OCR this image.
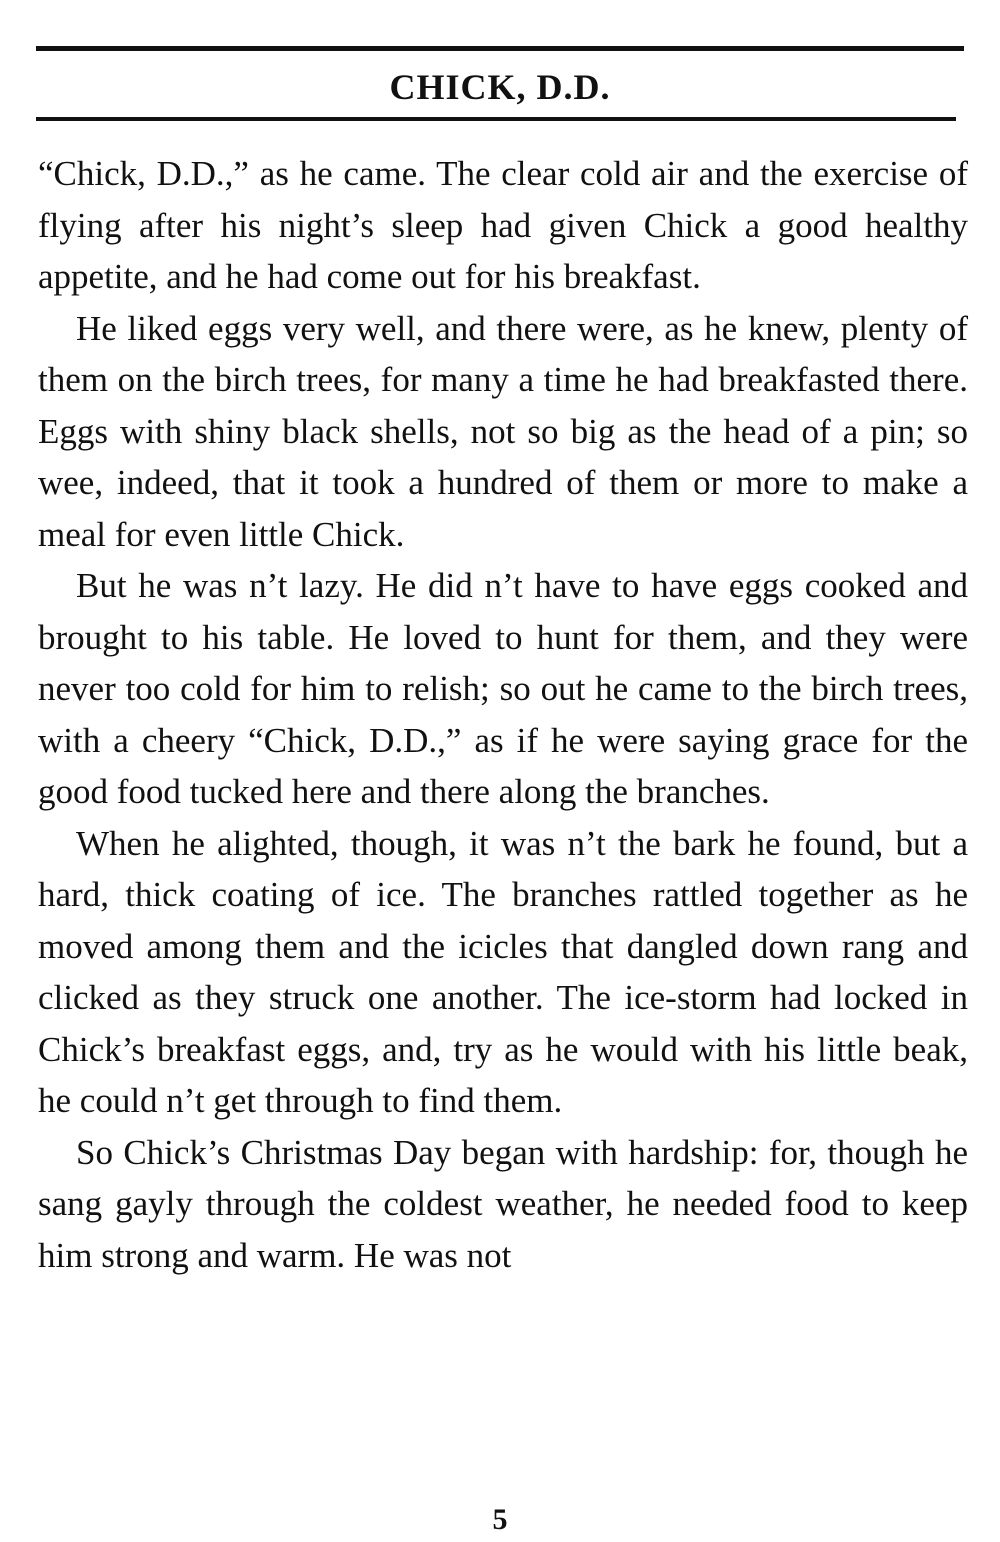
CHICK, D.D.

“Chick, D.D.,” as he came. The clear cold air and the exercise of flying after his night’s sleep had given Chick a good healthy appetite, and he had come out for his breakfast.

He liked eggs very well, and there were, as he knew, plenty of them on the birch trees, for many a time he had breakfasted there. Eggs with shiny black shells, not so big as the head of a pin; so wee, indeed, that it took a hundred of them or more to make a meal for even little Chick.

But he was n’t lazy. He did n’t have to have eggs cooked and brought to his table. He loved to hunt for them, and they were never too cold for him to relish; so out he came to the birch trees, with a cheery “Chick, D.D.,” as if he were saying grace for the good food tucked here and there along the branches.

When he alighted, though, it was n’t the bark he found, but a hard, thick coating of ice. The branches rattled together as he moved among them and the icicles that dangled down rang and clicked as they struck one another. The ice-storm had locked in Chick’s breakfast eggs, and, try as he would with his little beak, he could n’t get through to find them.

So Chick’s Christmas Day began with hardship: for, though he sang gayly through the coldest weather, he needed food to keep him strong and warm. He was not

5
